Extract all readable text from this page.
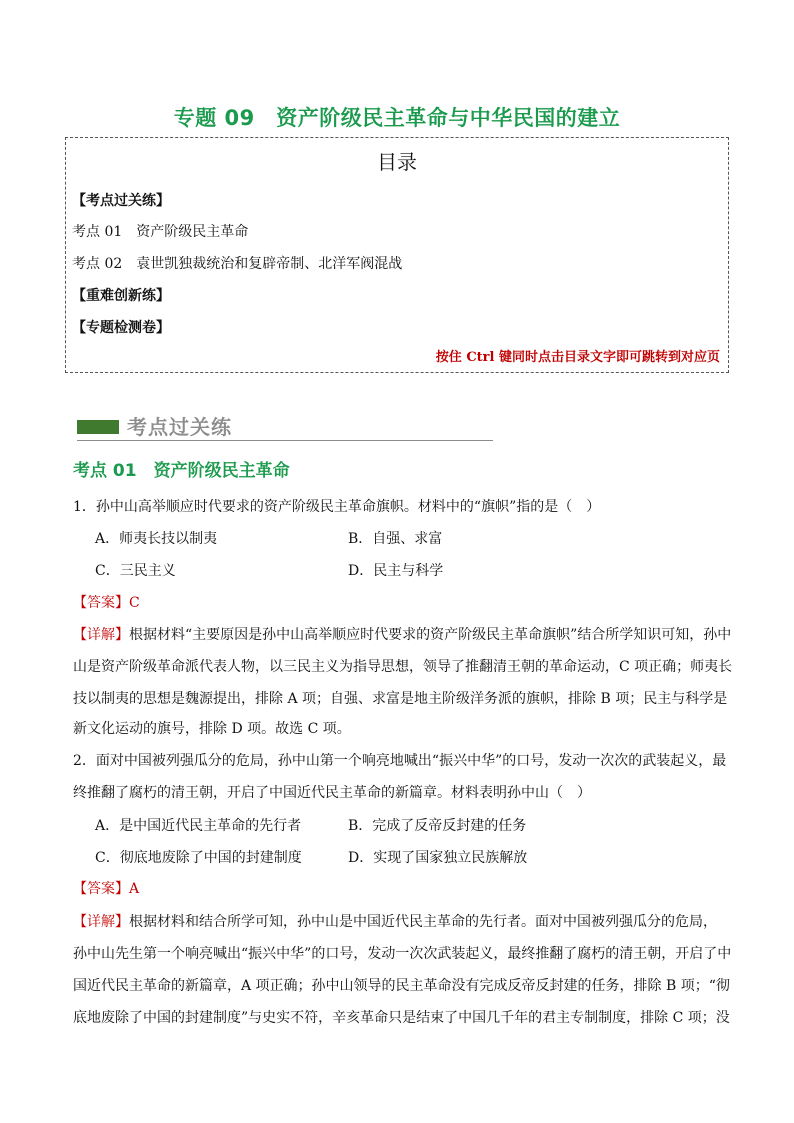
专题 09　资产阶级民主革命与中华民国的建立
目录
【考点过关练】
考点 01　资产阶级民主革命
考点 02　袁世凯独裁统治和复辟帝制、北洋军阀混战
【重难创新练】
【专题检测卷】
按住 Ctrl 键同时点击目录文字即可跳转到对应页
考点过关练
考点 01　资产阶级民主革命
1．孙中山高举顺应时代要求的资产阶级民主革命旗帜。材料中的“旗帜”指的是（　）
A．师夷长技以制夷	B．自强、求富
C．三民主义	D．民主与科学
【答案】C
【详解】根据材料“主要原因是孙中山高举顺应时代要求的资产阶级民主革命旗帜”结合所学知识可知，孙中
山是资产阶级革命派代表人物，以三民主义为指导思想，领导了推翻清王朝的革命运动，C 项正确；师夷长
技以制夷的思想是魏源提出，排除 A 项；自强、求富是地主阶级洋务派的旗帜，排除 B 项；民主与科学是
新文化运动的旗号，排除 D 项。故选 C 项。
2．面对中国被列强瓜分的危局，孙中山第一个响亮地喊出“振兴中华”的口号，发动一次次的武装起义，最
终推翻了腐朽的清王朝，开启了中国近代民主革命的新篇章。材料表明孙中山（　）
A．是中国近代民主革命的先行者	B．完成了反帝反封建的任务
C．彻底地废除了中国的封建制度	D．实现了国家独立民族解放
【答案】A
【详解】根据材料和结合所学可知，孙中山是中国近代民主革命的先行者。面对中国被列强瓜分的危局，
孙中山先生第一个响亮喊出“振兴中华”的口号，发动一次次武装起义，最终推翻了腐朽的清王朝，开启了中
国近代民主革命的新篇章，A 项正确；孙中山领导的民主革命没有完成反帝反封建的任务，排除 B 项；“彻
底地废除了中国的封建制度”与史实不符，辛亥革命只是结束了中国几千年的君主专制制度，排除 C 项；没
